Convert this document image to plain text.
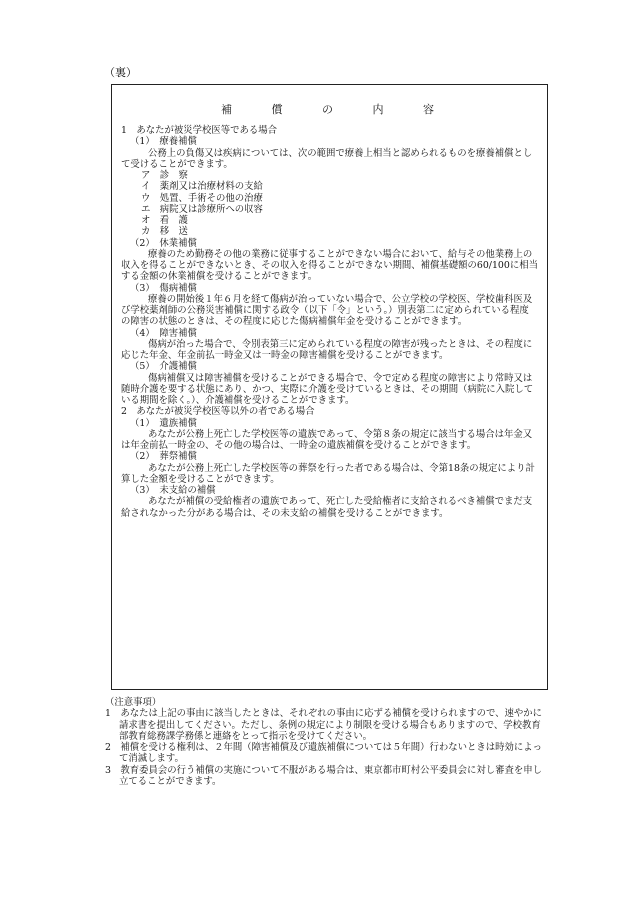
（裏）
補 償 の 内 容
1　あなたが被災学校医等である場合
（1）　療養補償
公務上の負傷又は疾病については、次の範囲で療養上相当と認められるものを療養補償として受けることができます。
ア　診　察
イ　薬剤又は治療材料の支給
ウ　処置、手術その他の治療
エ　病院又は診療所への収容
オ　看　護
カ　移　送
（2）　休業補償
療養のため勤務その他の業務に従事することができない場合において、給与その他業務上の収入を得ることができないとき、その収入を得ることができない期間、補償基礎額の60/100に相当する金額の休業補償を受けることができます。
（3）　傷病補償
療養の開始後１年６月を経て傷病が治っていない場合で、公立学校の学校医、学校歯科医及び学校薬剤師の公務災害補償に関する政令（以下「令」という。）別表第二に定められている程度の障害の状態のときは、その程度に応じた傷病補償年金を受けることができます。
（4）　障害補償
傷病が治った場合で、令別表第三に定められている程度の障害が残ったときは、その程度に応じた年金、年金前払一時金又は一時金の障害補償を受けることができます。
（5）　介護補償
傷病補償又は障害補償を受けることができる場合で、令で定める程度の障害により常時又は随時介護を要する状態にあり、かつ、実際に介護を受けているときは、その期間（病院に入院している期間を除く。）、介護補償を受けることができます。
2　あなたが被災学校医等以外の者である場合
（1）　遺族補償
あなたが公務上死亡した学校医等の遺族であって、令第８条の規定に該当する場合は年金又は年金前払一時金の、その他の場合は、一時金の遺族補償を受けることができます。
（2）　葬祭補償
あなたが公務上死亡した学校医等の葬祭を行った者である場合は、令第18条の規定により計算した金額を受けることができます。
（3）　未支給の補償
あなたが補償の受給権者の遺族であって、死亡した受給権者に支給されるべき補償でまだ支給されなかった分がある場合は、その未支給の補償を受けることができます。
（注意事項）
1　あなたは上記の事由に該当したときは、それぞれの事由に応ずる補償を受けられますので、速やかに請求書を提出してください。ただし、条例の規定により制限を受ける場合もありますので、学校教育部教育総務課学務係と連絡をとって指示を受けてください。
2　補償を受ける権利は、２年間（障害補償及び遺族補償については５年間）行わないときは時効によって消滅します。
3　教育委員会の行う補償の実施について不服がある場合は、東京都市町村公平委員会に対し審査を申し立てることができます。
